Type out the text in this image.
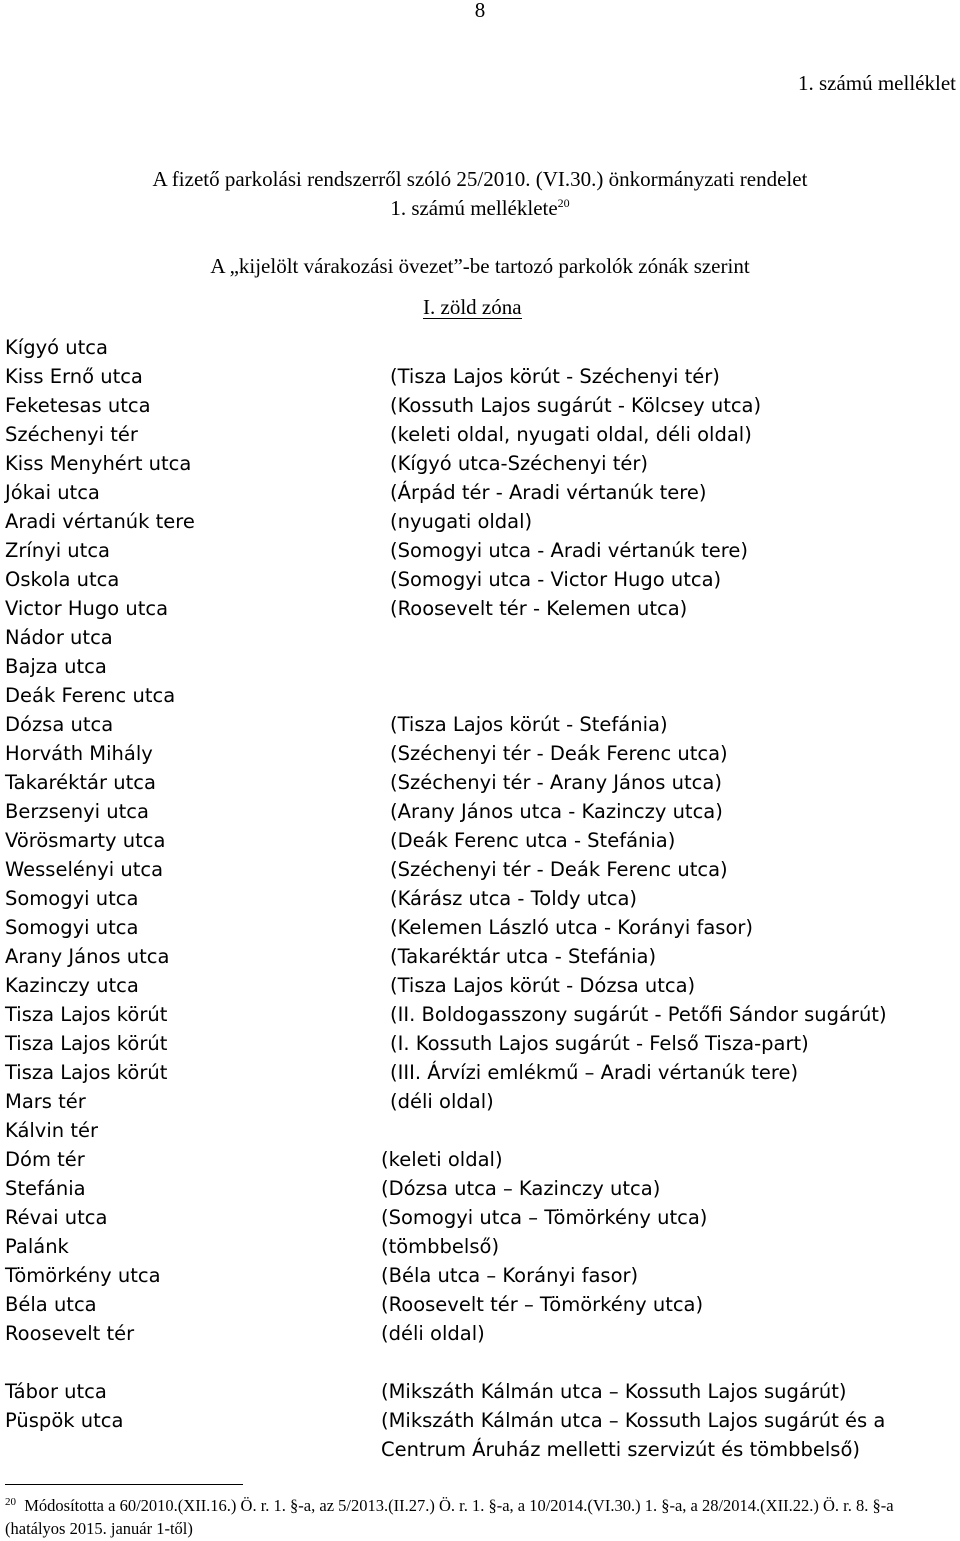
8
1. számú melléklet
A fizető parkolási rendszerről szóló 25/2010. (VI.30.) önkormányzati rendelet
1. számú melléklete$^{20}$
A „kijelölt várakozási övezet”-be tartozó parkolók zónák szerint
I. zöld zóna
Kígyó utca
Kiss Ernő utca
Feketesas utca
Széchenyi tér
Kiss Menyhért utca
Jókai utca
Aradi vértanúk tere
Zrínyi utca
Oskola utca
Victor Hugo utca
Nádor utca
Bajza utca
Deák Ferenc utca
Dózsa utca
Horváth Mihály
Takaréktár utca
Berzsenyi utca
Vörösmarty utca
Wesselényi utca
Somogyi utca
Somogyi utca
Arany János utca
Kazinczy utca
Tisza Lajos körút
Tisza Lajos körút
Tisza Lajos körút
Mars tér
Kálvin tér
Dóm tér
Stefánia
Révai utca
Palánk
Tömörkény utca
Béla utca
Roosevelt tér
Tábor utca
Püspök utca
(Tisza Lajos körút - Széchenyi tér)
(Kossuth Lajos sugárút - Kölcsey utca)
(keleti oldal, nyugati oldal, déli oldal)
(Kígyó utca-Széchenyi tér)
(Árpád tér - Aradi vértanúk tere)
(nyugati oldal)
(Somogyi utca - Aradi vértanúk tere)
(Somogyi utca - Victor Hugo utca)
(Roosevelt tér - Kelemen utca)
(Tisza Lajos körút - Stefánia)
(Széchenyi tér - Deák Ferenc utca)
(Széchenyi tér - Arany János utca)
(Arany János utca - Kazinczy utca)
(Deák Ferenc utca - Stefánia)
(Széchenyi tér - Deák Ferenc utca)
(Kárász utca - Toldy utca)
(Kelemen László utca - Korányi fasor)
(Takaréktár utca - Stefánia)
(Tisza Lajos körút - Dózsa utca)
(II. Boldogasszony sugárút - Petőfi Sándor sugárút)
(I. Kossuth Lajos sugárút - Felső Tisza-part)
(III. Árvízi emlékmű – Aradi vértanúk tere)
(déli oldal)
(keleti oldal)
(Dózsa utca – Kazinczy utca)
(Somogyi utca – Tömörkény utca)
(tömbbelső)
(Béla utca – Korányi fasor)
(Roosevelt tér – Tömörkény utca)
(déli oldal)
(Mikszáth Kálmán utca – Kossuth Lajos sugárút)
(Mikszáth Kálmán utca – Kossuth Lajos sugárút és a
Centrum Áruház melletti szervizút és tömbbelső)
$^{20}$ Módosította a 60/2010.(XII.16.) Ö. r. 1. §-a, az 5/2013.(II.27.) Ö. r. 1. §-a, a 10/2014.(VI.30.) 1. §-a, a 28/2014.(XII.22.) Ö. r. 8. §-a (hatályos 2015. január 1-től)
